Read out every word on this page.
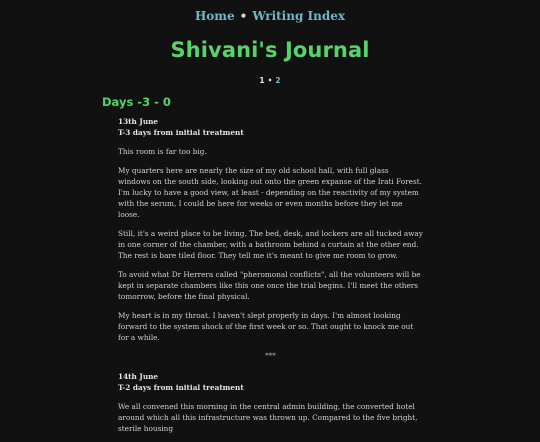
Home • Writing Index
Shivani's Journal
1 • 2
Days -3 - 0
13th June
T-3 days from initial treatment

This room is far too big.

My quarters here are nearly the size of my old school hall, with full glass windows on the south side, looking out onto the green expanse of the Irati Forest. I'm lucky to have a good view, at least - depending on the reactivity of my system with the serum, I could be here for weeks or even months before they let me loose.

Still, it's a weird place to be living. The bed, desk, and lockers are all tucked away in one corner of the chamber, with a bathroom behind a curtain at the other end. The rest is bare tiled floor. They tell me it's meant to give me room to grow.

To avoid what Dr Herrera called "pheromonal conflicts", all the volunteers will be kept in separate chambers like this one once the trial begins. I'll meet the others tomorrow, before the final physical.

My heart is in my throat. I haven't slept properly in days. I'm almost looking forward to the system shock of the first week or so. That ought to knock me out for a while.

***
14th June
T-2 days from initial treatment

We all convened this morning in the central admin building, the converted hotel around which all this infrastructure was thrown up. Compared to the five bright, sterile housing
